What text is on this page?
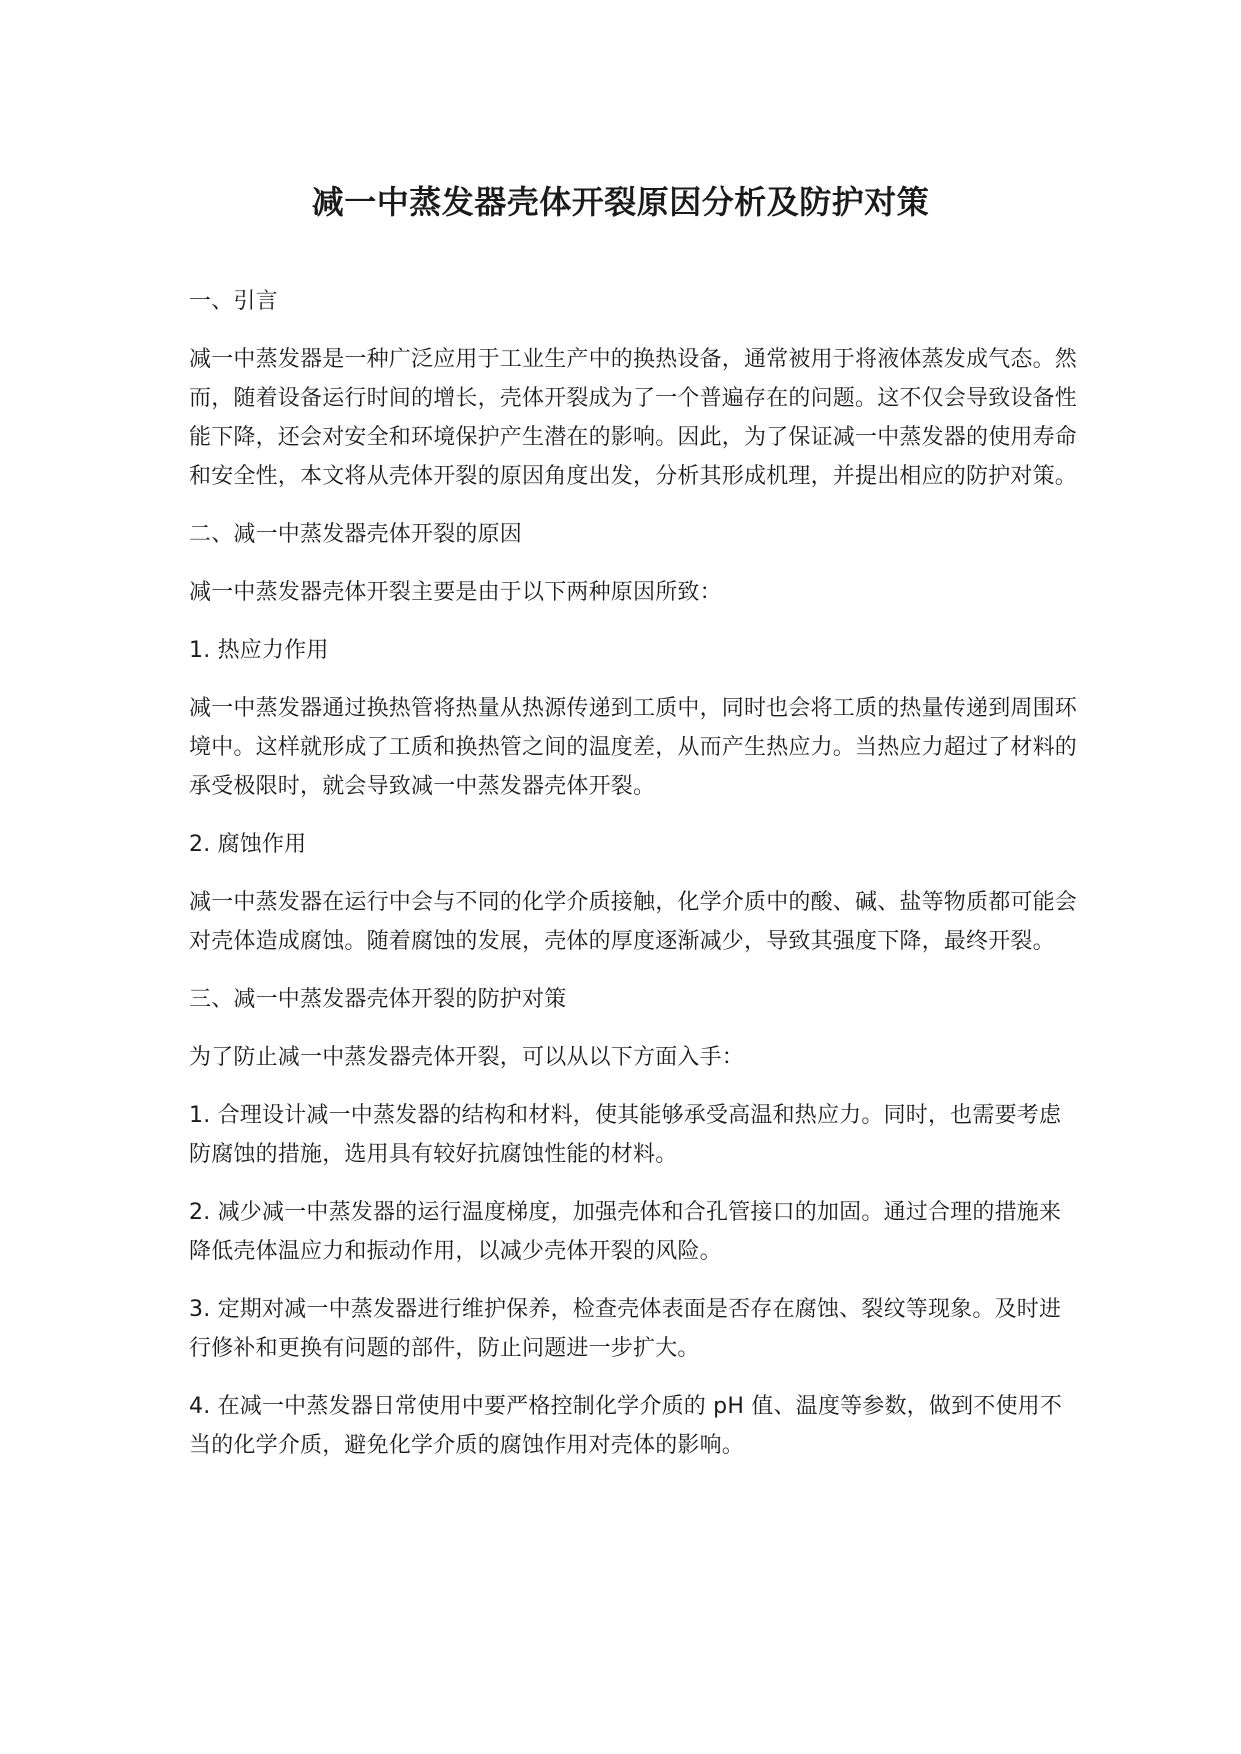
减一中蒸发器壳体开裂原因分析及防护对策

一、引言

减一中蒸发器是一种广泛应用于工业生产中的换热设备，通常被用于将液体蒸发成气态。然而，随着设备运行时间的增长，壳体开裂成为了一个普遍存在的问题。这不仅会导致设备性能下降，还会对安全和环境保护产生潜在的影响。因此，为了保证减一中蒸发器的使用寿命和安全性，本文将从壳体开裂的原因角度出发，分析其形成机理，并提出相应的防护对策。

二、减一中蒸发器壳体开裂的原因

减一中蒸发器壳体开裂主要是由于以下两种原因所致：

1. 热应力作用

减一中蒸发器通过换热管将热量从热源传递到工质中，同时也会将工质的热量传递到周围环境中。这样就形成了工质和换热管之间的温度差，从而产生热应力。当热应力超过了材料的承受极限时，就会导致减一中蒸发器壳体开裂。

2. 腐蚀作用

减一中蒸发器在运行中会与不同的化学介质接触，化学介质中的酸、碱、盐等物质都可能会对壳体造成腐蚀。随着腐蚀的发展，壳体的厚度逐渐减少，导致其强度下降，最终开裂。

三、减一中蒸发器壳体开裂的防护对策

为了防止减一中蒸发器壳体开裂，可以从以下方面入手：

1. 合理设计减一中蒸发器的结构和材料，使其能够承受高温和热应力。同时，也需要考虑防腐蚀的措施，选用具有较好抗腐蚀性能的材料。

2. 减少减一中蒸发器的运行温度梯度，加强壳体和合孔管接口的加固。通过合理的措施来降低壳体温应力和振动作用，以减少壳体开裂的风险。

3. 定期对减一中蒸发器进行维护保养，检查壳体表面是否存在腐蚀、裂纹等现象。及时进行修补和更换有问题的部件，防止问题进一步扩大。

4. 在减一中蒸发器日常使用中要严格控制化学介质的 pH 值、温度等参数，做到不使用不当的化学介质，避免化学介质的腐蚀作用对壳体的影响。
